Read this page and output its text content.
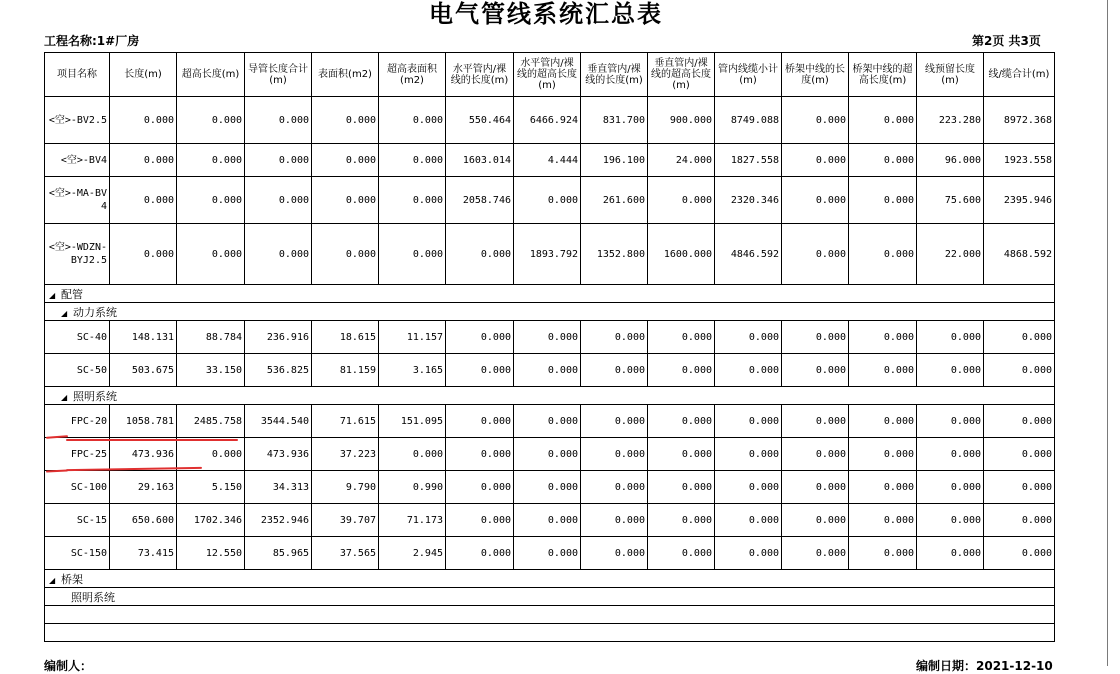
电气管线系统汇总表
工程名称:1#厂房	第2页 共3页
项目名称	长度(m)	超高长度(m)	导管长度合计(m)	表面积(m2)	超高表面积(m2)	水平管内/裸线的长度(m)	水平管内/裸线的超高长度(m)	垂直管内/裸线的长度(m)	垂直管内/裸线的超高长度(m)	管内线缆小计(m)	桥架中线的长度(m)	桥架中线的超高长度(m)	线预留长度(m)	线/缆合计(m)
<空>-BV2.5	0.000	0.000	0.000	0.000	0.000	550.464	6466.924	831.700	900.000	8749.088	0.000	0.000	223.280	8972.368
<空>-BV4	0.000	0.000	0.000	0.000	0.000	1603.014	4.444	196.100	24.000	1827.558	0.000	0.000	96.000	1923.558
<空>-MA-BV4	0.000	0.000	0.000	0.000	0.000	2058.746	0.000	261.600	0.000	2320.346	0.000	0.000	75.600	2395.946
<空>-WDZN-BYJ2.5	0.000	0.000	0.000	0.000	0.000	0.000	1893.792	1352.800	1600.000	4846.592	0.000	0.000	22.000	4868.592
◢ 配管														
◢ 动力系统														
SC-40	148.131	88.784	236.916	18.615	11.157	0.000	0.000	0.000	0.000	0.000	0.000	0.000	0.000	0.000
SC-50	503.675	33.150	536.825	81.159	3.165	0.000	0.000	0.000	0.000	0.000	0.000	0.000	0.000	0.000
◢ 照明系统														
FPC-20	1058.781	2485.758	3544.540	71.615	151.095	0.000	0.000	0.000	0.000	0.000	0.000	0.000	0.000	0.000
FPC-25	473.936	0.000	473.936	37.223	0.000	0.000	0.000	0.000	0.000	0.000	0.000	0.000	0.000	0.000
SC-100	29.163	5.150	34.313	9.790	0.990	0.000	0.000	0.000	0.000	0.000	0.000	0.000	0.000	0.000
SC-15	650.600	1702.346	2352.946	39.707	71.173	0.000	0.000	0.000	0.000	0.000	0.000	0.000	0.000	0.000
SC-150	73.415	12.550	85.965	37.565	2.945	0.000	0.000	0.000	0.000	0.000	0.000	0.000	0.000	0.000
◢ 桥架														
照明系统														

编制人：	编制日期：2021-12-10
